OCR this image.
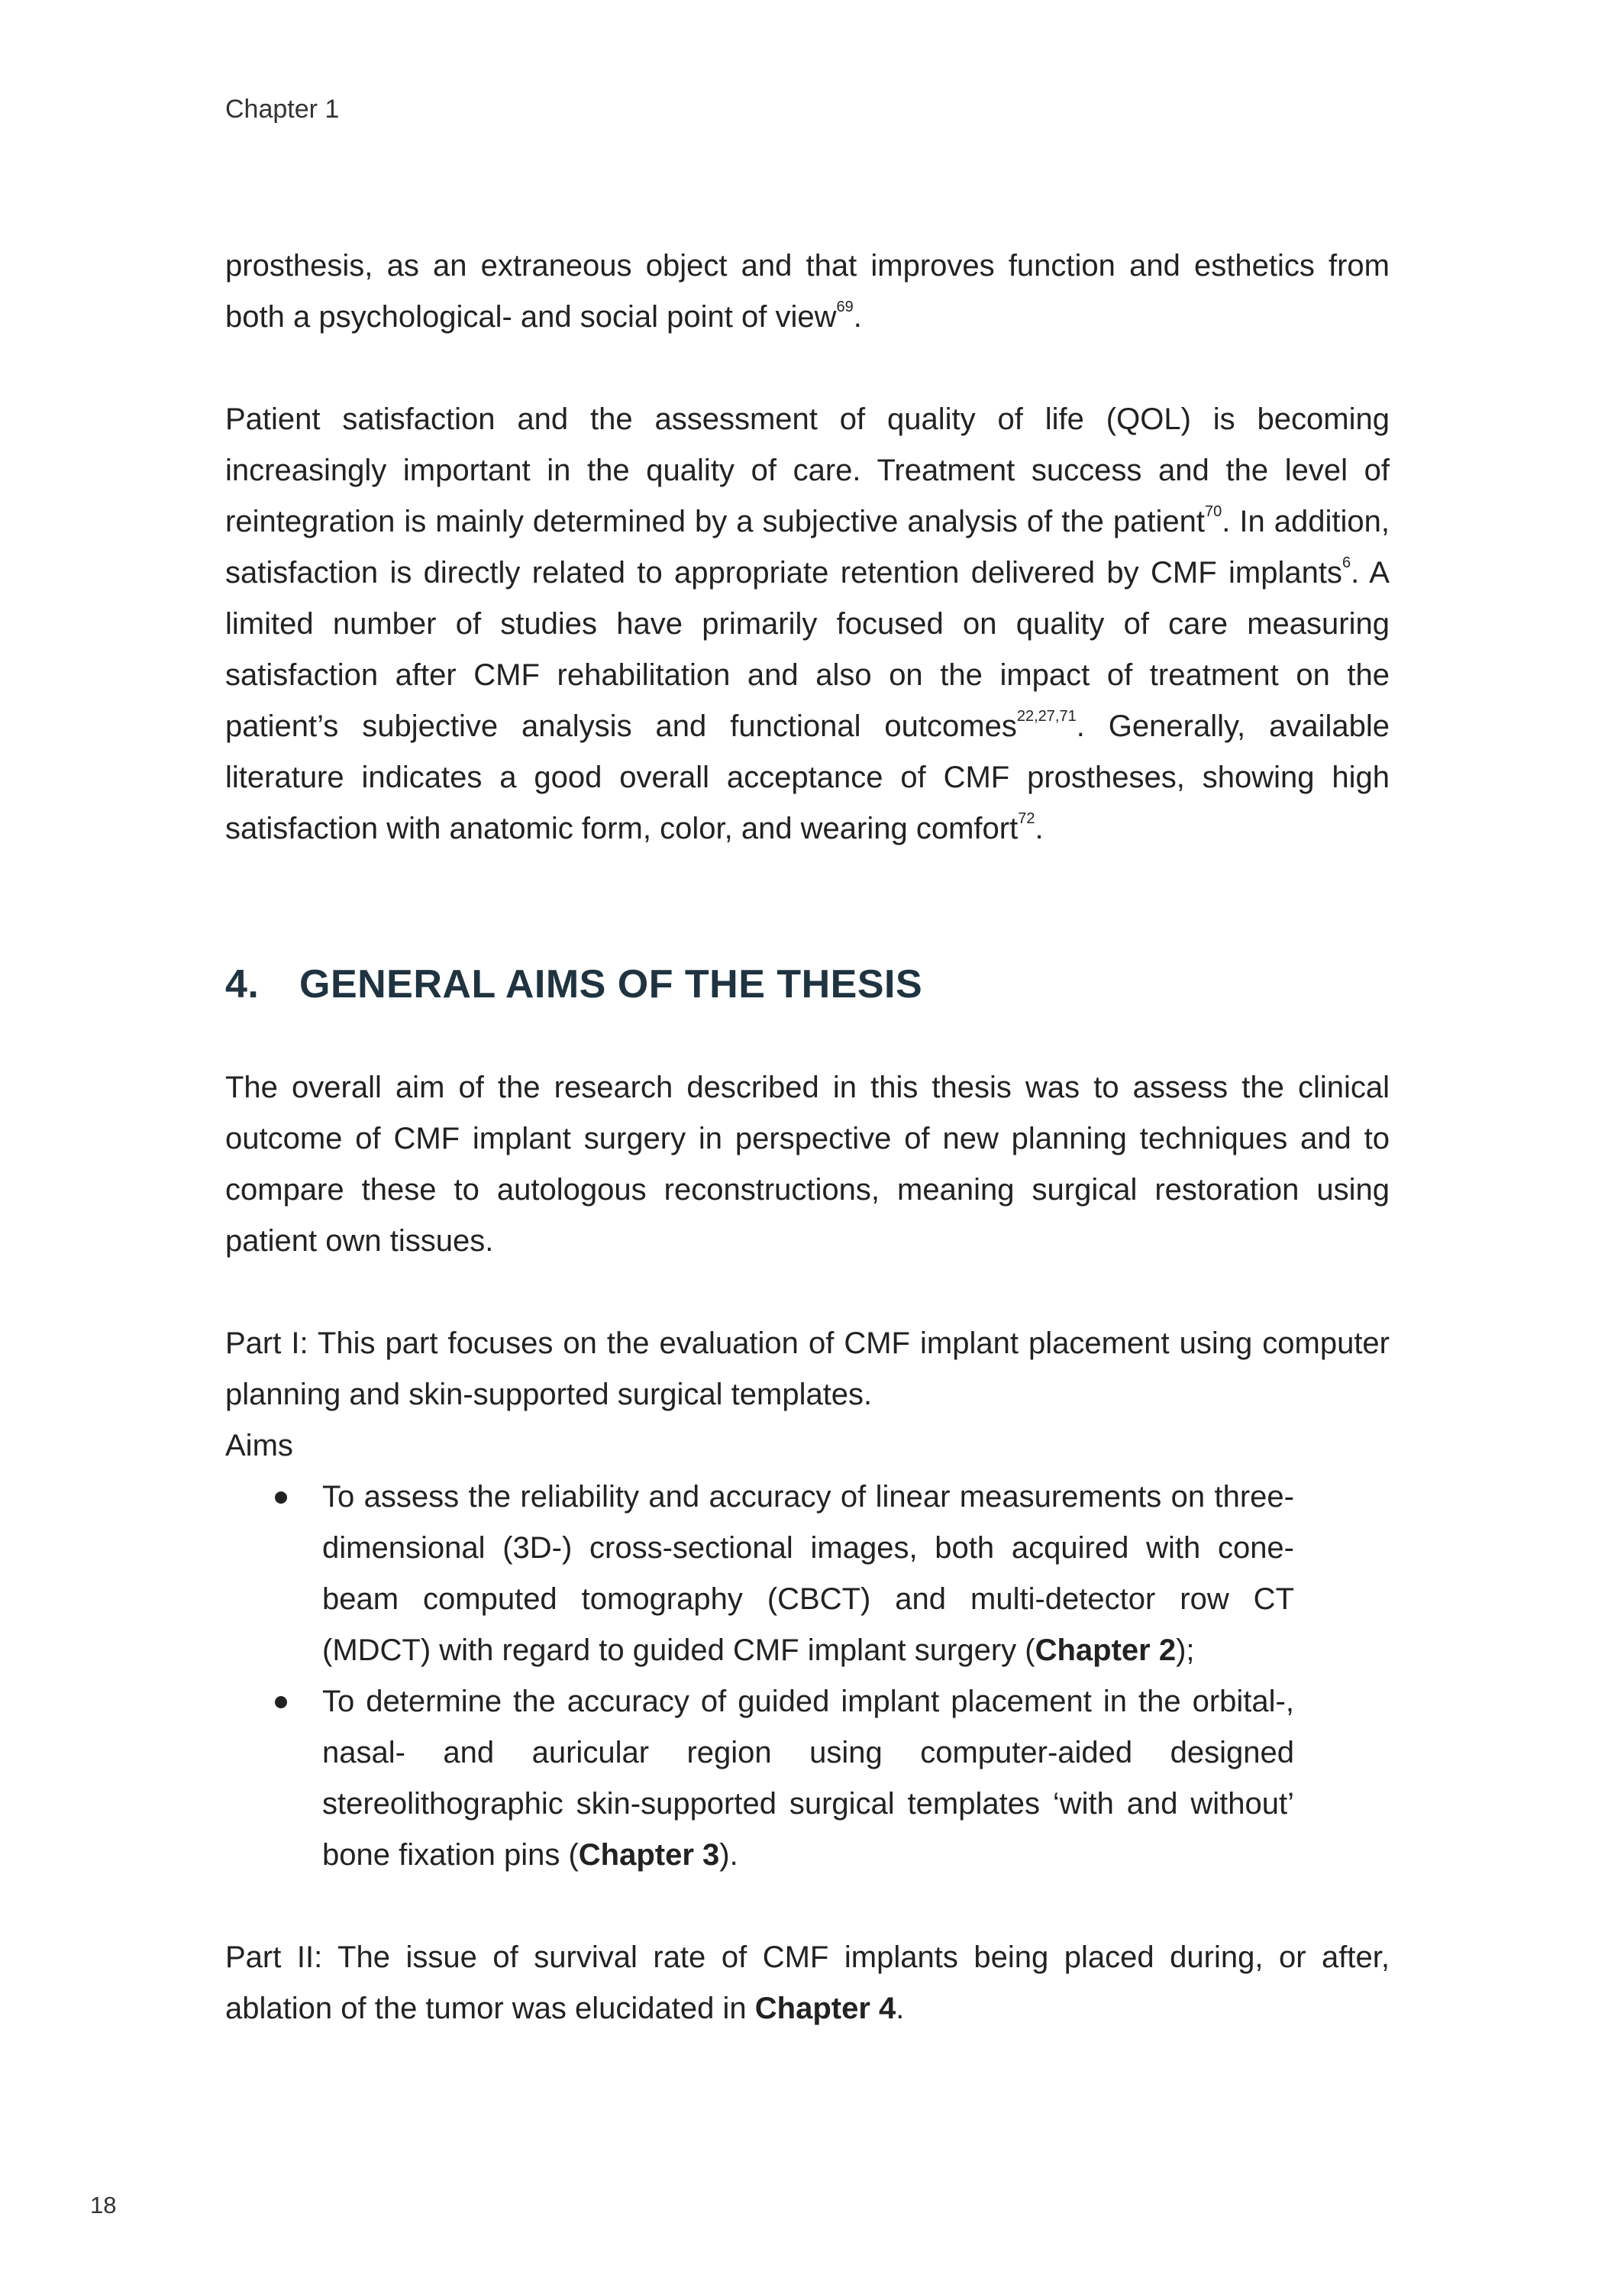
Chapter 1

prosthesis, as an extraneous object and that improves function and esthetics from both a psychological- and social point of view$^{69}$.

Patient satisfaction and the assessment of quality of life (QOL) is becoming increasingly important in the quality of care. Treatment success and the level of reintegration is mainly determined by a subjective analysis of the patient$^{70}$. In addition, satisfaction is directly related to appropriate retention delivered by CMF implants$^6$. A limited number of studies have primarily focused on quality of care measuring satisfaction after CMF rehabilitation and also on the impact of treatment on the patient’s subjective analysis and functional outcomes$^{22,27,71}$. Generally, available literature indicates a good overall acceptance of CMF prostheses, showing high satisfaction with anatomic form, color, and wearing comfort$^{72}$.

4. GENERAL AIMS OF THE THESIS

The overall aim of the research described in this thesis was to assess the clinical outcome of CMF implant surgery in perspective of new planning techniques and to compare these to autologous reconstructions, meaning surgical restoration using patient own tissues.

Part I: This part focuses on the evaluation of CMF implant placement using computer planning and skin-supported surgical templates.

Aims

To assess the reliability and accuracy of linear measurements on three-dimensional (3D-) cross-sectional images, both acquired with cone-beam computed tomography (CBCT) and multi-detector row CT (MDCT) with regard to guided CMF implant surgery (Chapter 2);
To determine the accuracy of guided implant placement in the orbital-, nasal- and auricular region using computer-aided designed stereolithographic skin-supported surgical templates ‘with and without’ bone fixation pins (Chapter 3).

Part II: The issue of survival rate of CMF implants being placed during, or after, ablation of the tumor was elucidated in Chapter 4.

18
